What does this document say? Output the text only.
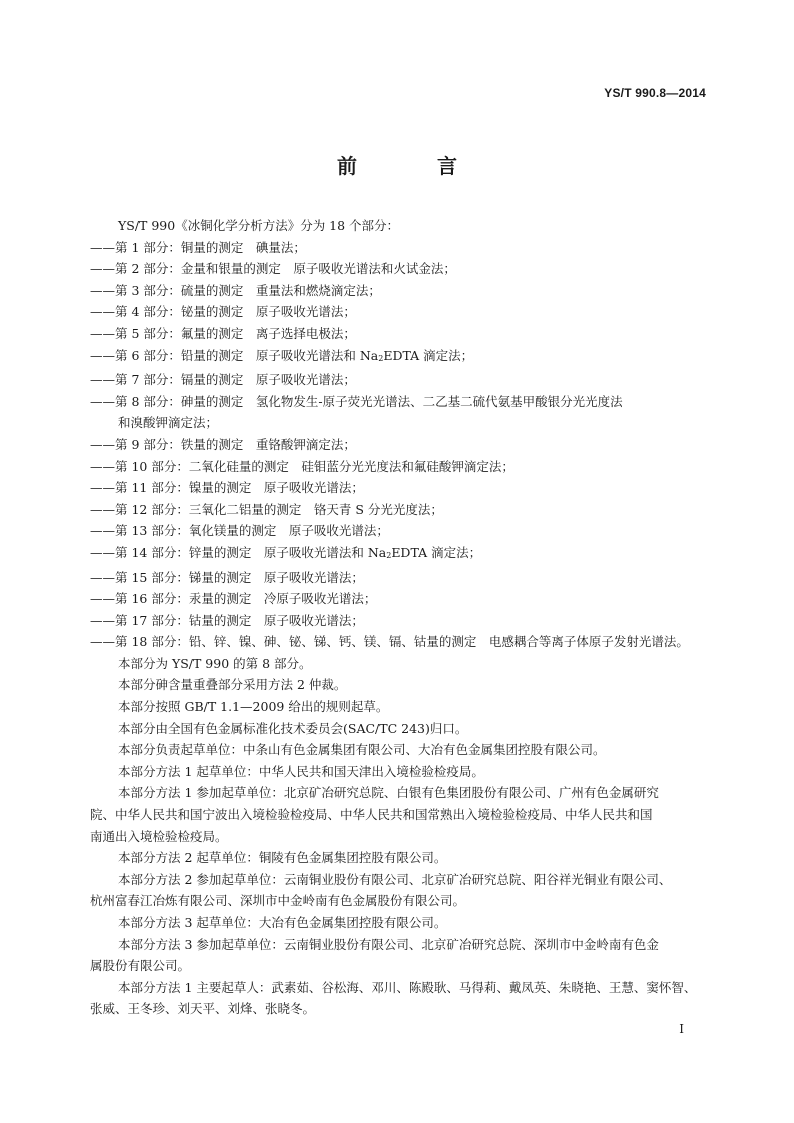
YS/T 990.8—2014
前　言

YS/T 990《冰铜化学分析方法》分为 18 个部分：

——第 1 部分：铜量的测定　碘量法；

——第 2 部分：金量和银量的测定　原子吸收光谱法和火试金法；

——第 3 部分：硫量的测定　重量法和燃烧滴定法；

——第 4 部分：铋量的测定　原子吸收光谱法；

——第 5 部分：氟量的测定　离子选择电极法；

——第 6 部分：铅量的测定　原子吸收光谱法和 $Na_2EDTA$ 滴定法；

——第 7 部分：镉量的测定　原子吸收光谱法；

——第 8 部分：砷量的测定　氢化物发生-原子荧光光谱法、二乙基二硫代氨基甲酸银分光光度法

和溴酸钾滴定法；

——第 9 部分：铁量的测定　重铬酸钾滴定法；

——第 10 部分：二氧化硅量的测定　硅钼蓝分光光度法和氟硅酸钾滴定法；

——第 11 部分：镍量的测定　原子吸收光谱法；

——第 12 部分：三氧化二铝量的测定　铬天青 S 分光光度法；

——第 13 部分：氧化镁量的测定　原子吸收光谱法；

——第 14 部分：锌量的测定　原子吸收光谱法和 $Na_2EDTA$ 滴定法；

——第 15 部分：锑量的测定　原子吸收光谱法；

——第 16 部分：汞量的测定　冷原子吸收光谱法；

——第 17 部分：钴量的测定　原子吸收光谱法；

——第 18 部分：铅、锌、镍、砷、铋、锑、钙、镁、镉、钴量的测定　电感耦合等离子体原子发射光谱法。

本部分为 YS/T 990 的第 8 部分。

本部分砷含量重叠部分采用方法 2 仲裁。

本部分按照 GB/T 1.1—2009 给出的规则起草。

本部分由全国有色金属标准化技术委员会(SAC/TC 243)归口。

本部分负责起草单位：中条山有色金属集团有限公司、大冶有色金属集团控股有限公司。

本部分方法 1 起草单位：中华人民共和国天津出入境检验检疫局。

本部分方法 1 参加起草单位：北京矿冶研究总院、白银有色集团股份有限公司、广州有色金属研究

院、中华人民共和国宁波出入境检验检疫局、中华人民共和国常熟出入境检验检疫局、中华人民共和国

南通出入境检验检疫局。

本部分方法 2 起草单位：铜陵有色金属集团控股有限公司。

本部分方法 2 参加起草单位：云南铜业股份有限公司、北京矿冶研究总院、阳谷祥光铜业有限公司、

杭州富春江冶炼有限公司、深圳市中金岭南有色金属股份有限公司。

本部分方法 3 起草单位：大冶有色金属集团控股有限公司。

本部分方法 3 参加起草单位：云南铜业股份有限公司、北京矿冶研究总院、深圳市中金岭南有色金

属股份有限公司。

本部分方法 1 主要起草人：武素茹、谷松海、邓川、陈殿耿、马得莉、戴凤英、朱晓艳、王慧、窦怀智、

张威、王冬珍、刘天平、刘烽、张晓冬。

I
